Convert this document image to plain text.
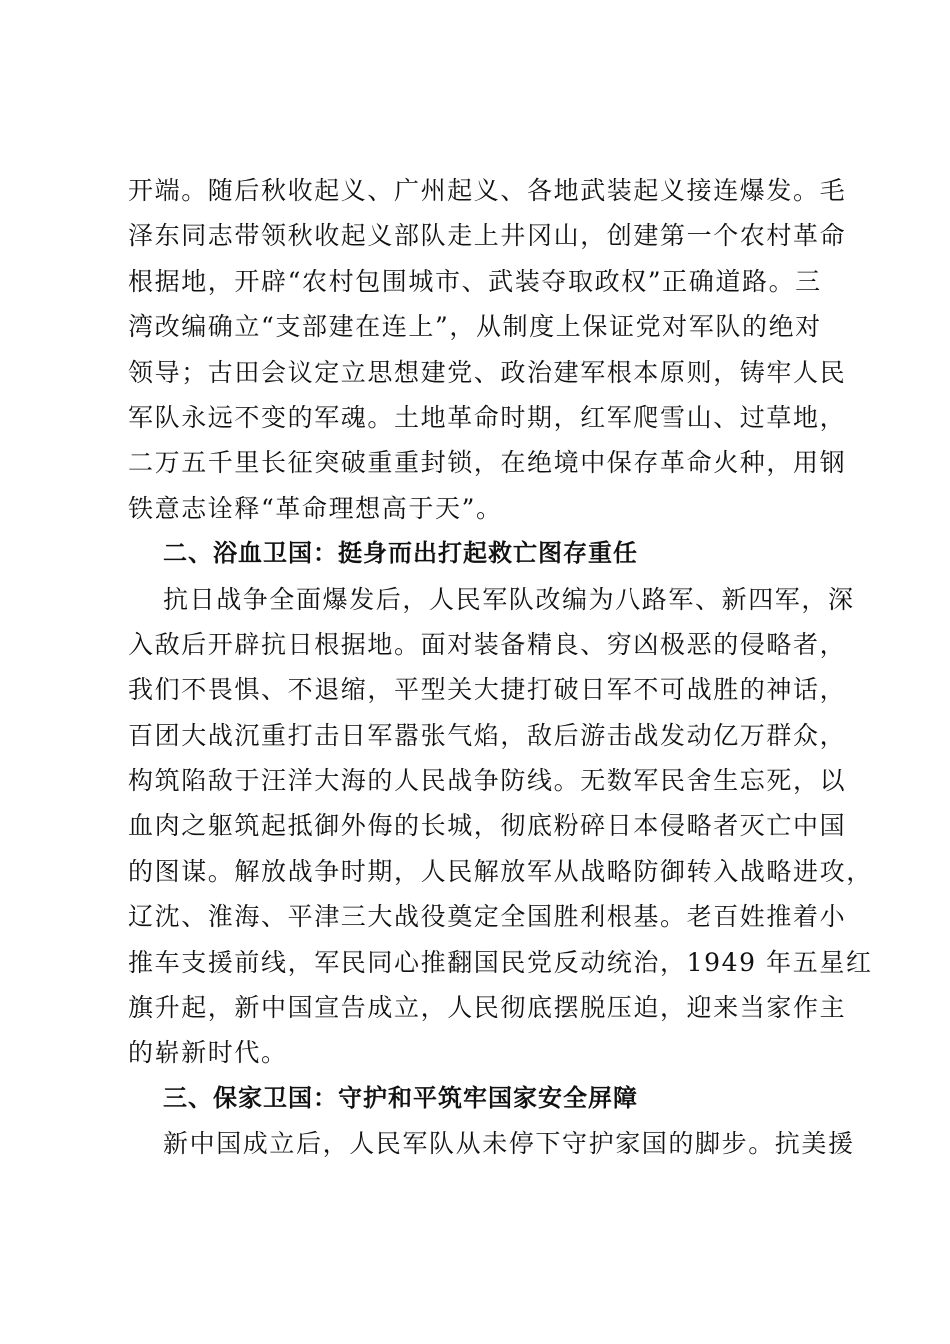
开端。随后秋收起义、广州起义、各地武装起义接连爆发。毛
泽东同志带领秋收起义部队走上井冈山，创建第一个农村革命
根据地，开辟“农村包围城市、武装夺取政权”正确道路。三
湾改编确立“支部建在连上”，从制度上保证党对军队的绝对
领导；古田会议定立思想建党、政治建军根本原则，铸牢人民
军队永远不变的军魂。土地革命时期，红军爬雪山、过草地，
二万五千里长征突破重重封锁，在绝境中保存革命火种，用钢
铁意志诠释“革命理想高于天”。
二、浴血卫国：挺身而出打起救亡图存重任
抗日战争全面爆发后，人民军队改编为八路军、新四军，深
入敌后开辟抗日根据地。面对装备精良、穷凶极恶的侵略者，
我们不畏惧、不退缩，平型关大捷打破日军不可战胜的神话，
百团大战沉重打击日军嚣张气焰，敌后游击战发动亿万群众，
构筑陷敌于汪洋大海的人民战争防线。无数军民舍生忘死，以
血肉之躯筑起抵御外侮的长城，彻底粉碎日本侵略者灭亡中国
的图谋。解放战争时期，人民解放军从战略防御转入战略进攻，
辽沈、淮海、平津三大战役奠定全国胜利根基。老百姓推着小
推车支援前线，军民同心推翻国民党反动统治，1949 年五星红
旗升起，新中国宣告成立，人民彻底摆脱压迫，迎来当家作主
的崭新时代。
三、保家卫国：守护和平筑牢国家安全屏障
新中国成立后，人民军队从未停下守护家国的脚步。抗美援
